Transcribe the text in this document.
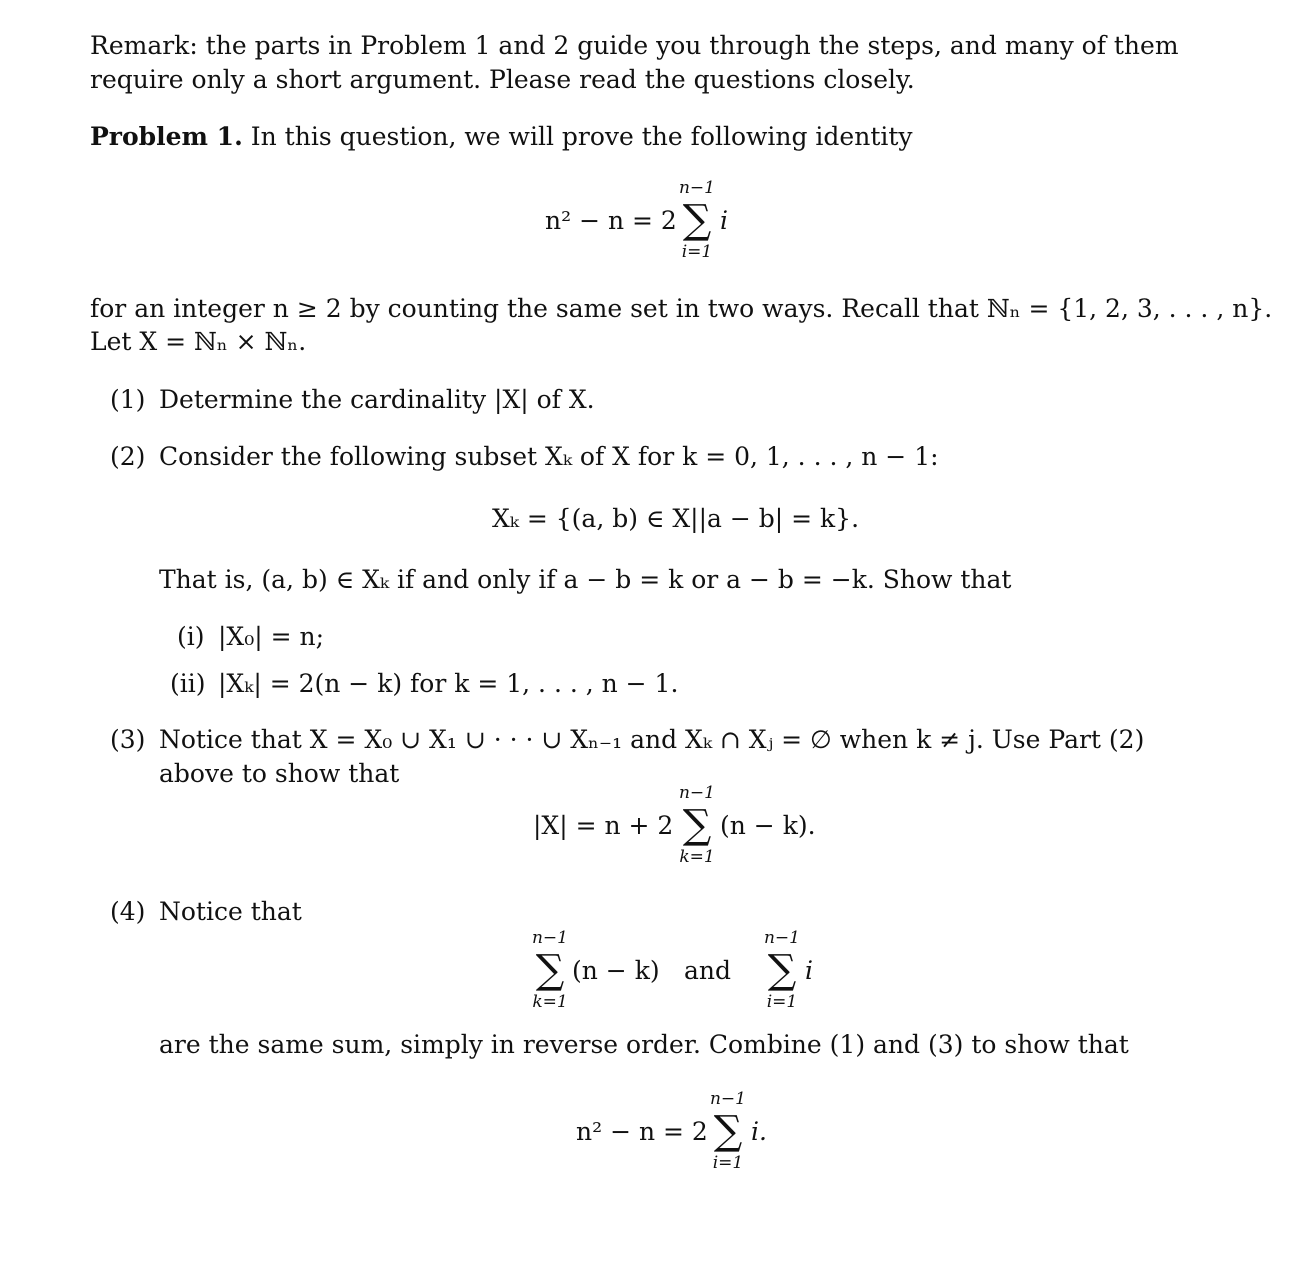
Remark: the parts in Problem 1 and 2 guide you through the steps, and many of them
require only a short argument. Please read the questions closely.
Problem 1. In this question, we will prove the following identity
n² − n = 2
n−1
∑
i=1
i
for an integer n ≥ 2 by counting the same set in two ways. Recall that ℕₙ = {1, 2, 3, . . . , n}.
Let X = ℕₙ × ℕₙ.
(1) Determine the cardinality |X| of X.
(2) Consider the following subset Xₖ of X for k = 0, 1, . . . , n − 1:
Xₖ = {(a, b) ∈ X||a − b| = k}.
That is, (a, b) ∈ Xₖ if and only if a − b = k or a − b = −k. Show that
(i) |X₀| = n;
(ii) |Xₖ| = 2(n − k) for k = 1, . . . , n − 1.
(3) Notice that X = X₀ ∪ X₁ ∪ · · · ∪ Xₙ₋₁ and Xₖ ∩ Xⱼ = ∅ when k ≠ j. Use Part (2)
above to show that
|X| = n + 2
n−1
∑
k=1
(n − k).
(4) Notice that
n−1
∑
k=1
(n − k) and
n−1
∑
i=1
i
are the same sum, simply in reverse order. Combine (1) and (3) to show that
n² − n = 2
n−1
∑
i=1
i.
